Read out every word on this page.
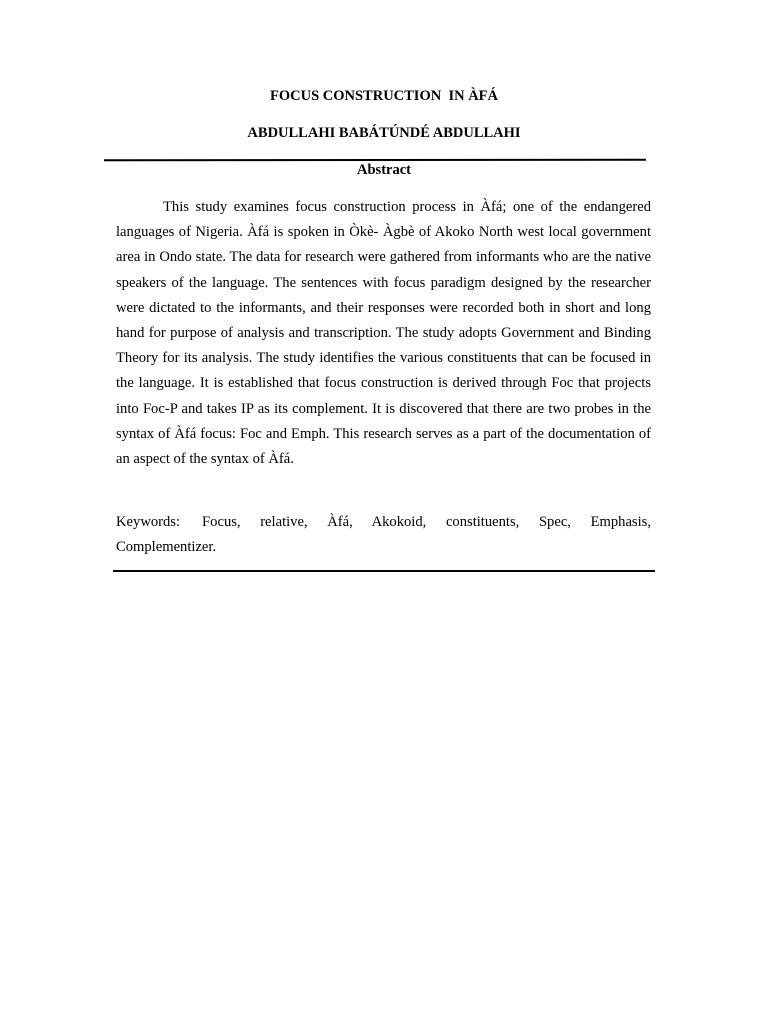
FOCUS CONSTRUCTION  IN ÀFÁ
ABDULLAHI BABÁTÚNDÉ ABDULLAHI
Abstract

This study examines focus construction process in Àfá; one of the endangered languages of Nigeria. Àfá is spoken in Òkè- Àgbè of Akoko North west local government area in Ondo state. The data for research were gathered from informants who are the native speakers of the language. The sentences with focus paradigm designed by the researcher were dictated to the informants, and their responses were recorded both in short and long hand for purpose of analysis and transcription. The study adopts Government and Binding Theory for its analysis. The study identifies the various constituents that can be focused in the language. It is established that focus construction is derived through Foc that projects into Foc-P and takes IP as its complement. It is discovered that there are two probes in the syntax of Àfá focus: Foc and Emph. This research serves as a part of the documentation of an aspect of the syntax of Àfá.

Keywords: Focus, relative, Àfá, Akokoid, constituents, Spec, Emphasis, Complementizer.
